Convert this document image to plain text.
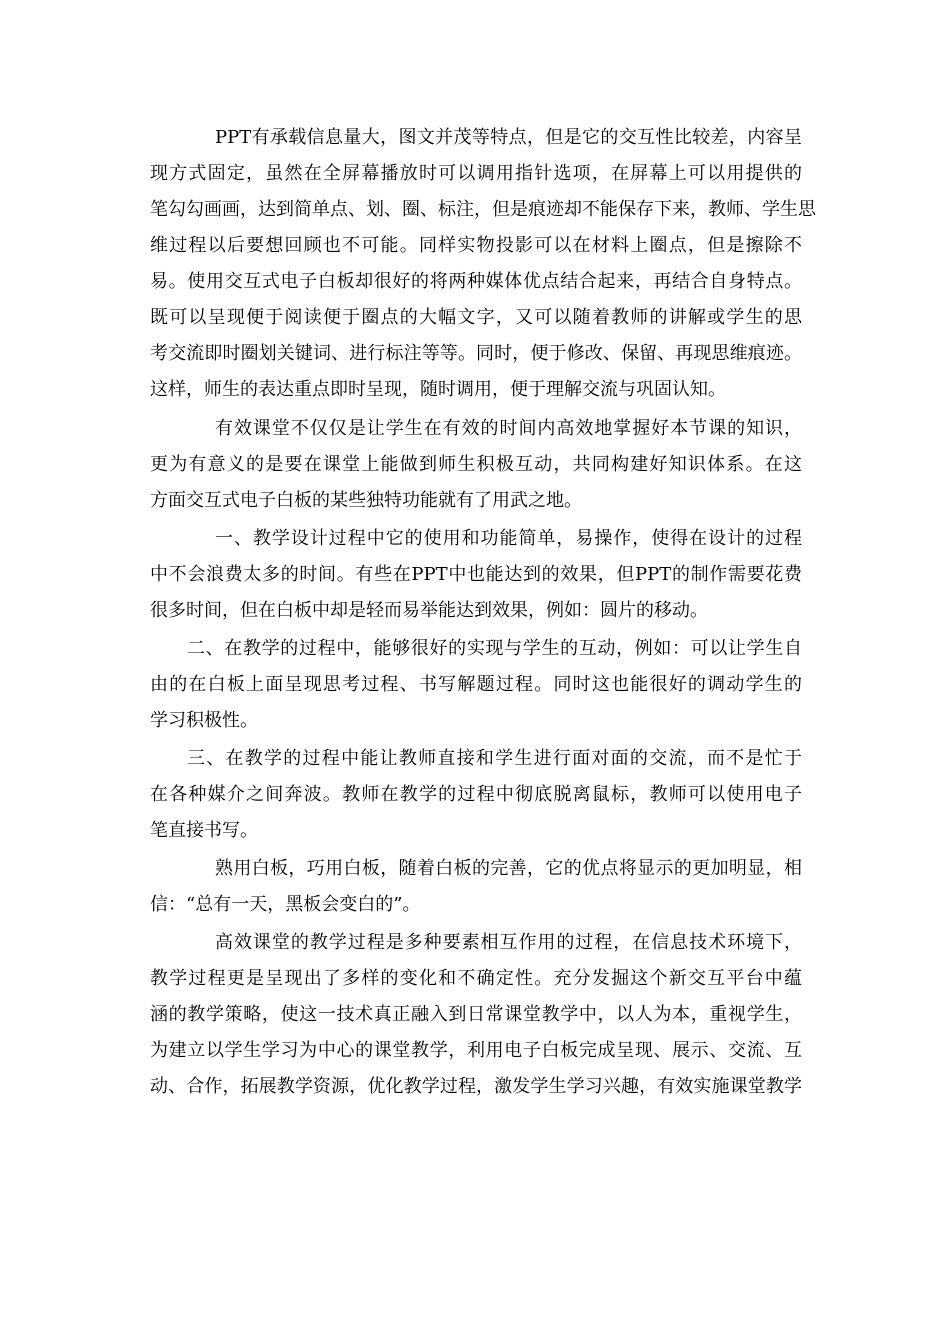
PPT有承载信息量大，图文并茂等特点，但是它的交互性比较差，内容呈
现方式固定，虽然在全屏幕播放时可以调用指针选项，在屏幕上可以用提供的
笔勾勾画画，达到简单点、划、圈、标注，但是痕迹却不能保存下来，教师、学生思
维过程以后要想回顾也不可能。同样实物投影可以在材料上圈点，但是擦除不
易。使用交互式电子白板却很好的将两种媒体优点结合起来，再结合自身特点。
既可以呈现便于阅读便于圈点的大幅文字，又可以随着教师的讲解或学生的思
考交流即时圈划关键词、进行标注等等。同时，便于修改、保留、再现思维痕迹。
这样，师生的表达重点即时呈现，随时调用，便于理解交流与巩固认知。
有效课堂不仅仅是让学生在有效的时间内高效地掌握好本节课的知识，
更为有意义的是要在课堂上能做到师生积极互动，共同构建好知识体系。在这
方面交互式电子白板的某些独特功能就有了用武之地。
一、教学设计过程中它的使用和功能简单，易操作，使得在设计的过程
中不会浪费太多的时间。有些在PPT中也能达到的效果，但PPT的制作需要花费
很多时间，但在白板中却是轻而易举能达到效果，例如：圆片的移动。
二、在教学的过程中，能够很好的实现与学生的互动，例如：可以让学生自
由的在白板上面呈现思考过程、书写解题过程。同时这也能很好的调动学生的
学习积极性。
三、在教学的过程中能让教师直接和学生进行面对面的交流，而不是忙于
在各种媒介之间奔波。教师在教学的过程中彻底脱离鼠标，教师可以使用电子
笔直接书写。
熟用白板，巧用白板，随着白板的完善，它的优点将显示的更加明显，相
信：“总有一天，黑板会变白的”。
高效课堂的教学过程是多种要素相互作用的过程，在信息技术环境下，
教学过程更是呈现出了多样的变化和不确定性。充分发掘这个新交互平台中蕴
涵的教学策略，使这一技术真正融入到日常课堂教学中，以人为本，重视学生，
为建立以学生学习为中心的课堂教学，利用电子白板完成呈现、展示、交流、互
动、合作，拓展教学资源，优化教学过程，激发学生学习兴趣，有效实施课堂教学
